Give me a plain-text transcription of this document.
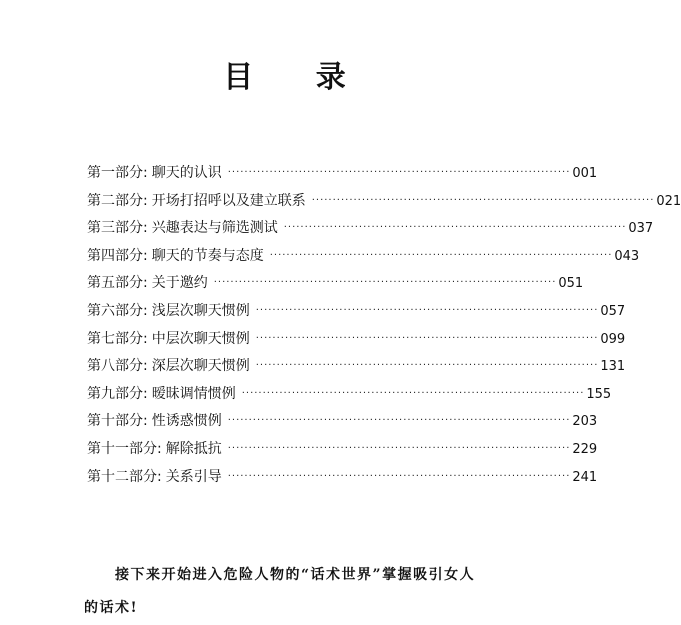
目 录
第一部分: 聊天的认识 ·················································································· 001
第二部分: 开场打招呼以及建立联系 ·················································································· 021
第三部分: 兴趣表达与筛选测试 ·················································································· 037
第四部分: 聊天的节奏与态度 ·················································································· 043
第五部分: 关于邀约 ·················································································· 051
第六部分: 浅层次聊天惯例 ·················································································· 057
第七部分: 中层次聊天惯例 ·················································································· 099
第八部分: 深层次聊天惯例 ·················································································· 131
第九部分: 暧昧调情惯例 ·················································································· 155
第十部分: 性诱惑惯例 ·················································································· 203
第十一部分: 解除抵抗 ·················································································· 229
第十二部分: 关系引导 ·················································································· 241

接下来开始进入危险人物的“话术世界”掌握吸引女人的话术!
